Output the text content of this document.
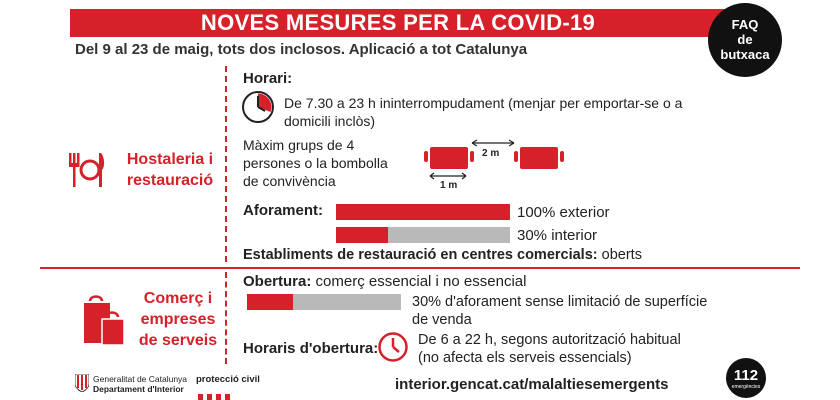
NOVES MESURES PER LA COVID-19
Del 9 al 23 de maig, tots dos inclosos. Aplicació a tot Catalunya
FAQ
de
butxaca
Hostaleria i
restauració
Horari:
De 7.30 a 23 h ininterrompudament (menjar per emportar-se o a
domicili inclòs)
Màxim grups de 4
persones o la bombolla
de convivència
2 m
1 m
Aforament:	100% exterior
30% interior
Establiments de restauració en centres comercials: oberts
Comerç i
empreses
de serveis
Obertura: comerç essencial i no essencial
30% d'aforament sense limitació de superfície
de venda
Horaris d'obertura:	De 6 a 22 h, segons autorització habitual
(no afecta els serveis essencials)
Generalitat de Catalunya
Departament d'Interior
protecció civil	interior.gencat.cat/malaltiesemergents
112
emergències
